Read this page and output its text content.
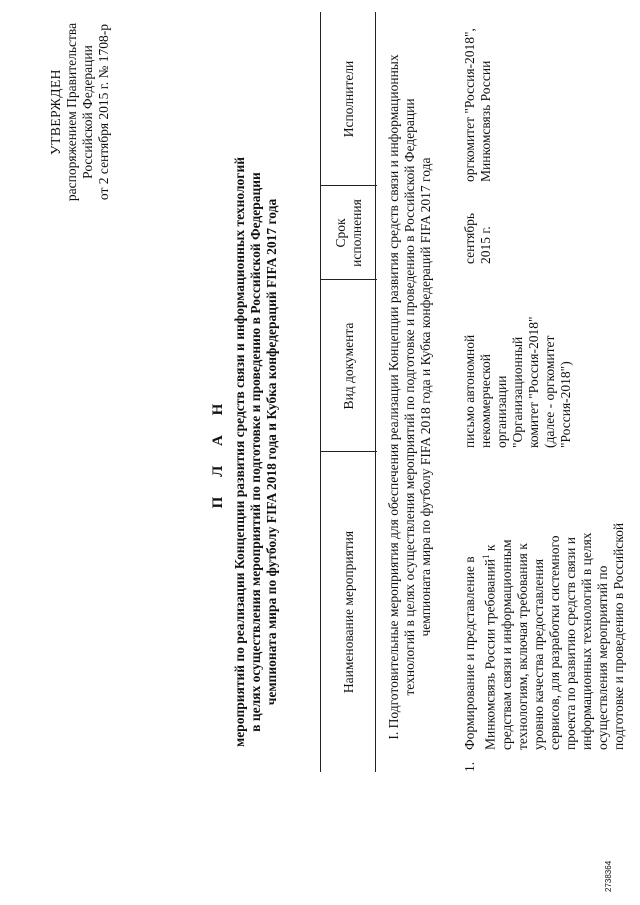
УТВЕРЖДЕН распоряжением Правительства Российской Федерации от 2 сентября 2015 г. № 1708-р
П Л А Н мероприятий по реализации Концепции развития средств связи и информационных технологий в целях осуществления мероприятий по подготовке и проведению в Российской Федерации чемпионата мира по футболу FIFA 2018 года и Кубка конфедераций FIFA 2017 года	Наименование мероприятия
Вид документа
Срок исполнения
Исполнители	I. Подготовительные мероприятия для обеспечения реализации Концепции развития средств связи и информационных технологий в целях осуществления мероприятий по подготовке и проведению в Российской Федерации чемпионата мира по футболу FIFA 2018 года и Кубка конфедераций FIFA 2017 года
1.
Формирование и представление в Минкомсвязь России требований$^1$ к средствам связи и информационным технологиям, включая требования к уровню качества предоставления сервисов, для разработки системного проекта по развитию средств связи и информационных технологий в целях осуществления мероприятий по подготовке и проведению в Российской
письмо автономной некоммерческой организации "Организационный комитет "Россия-2018" (далее - оргкомитет "Россия-2018")
сентябрь 2015 г.
оргкомитет "Россия-2018", Минкомсвязь России
2738364
